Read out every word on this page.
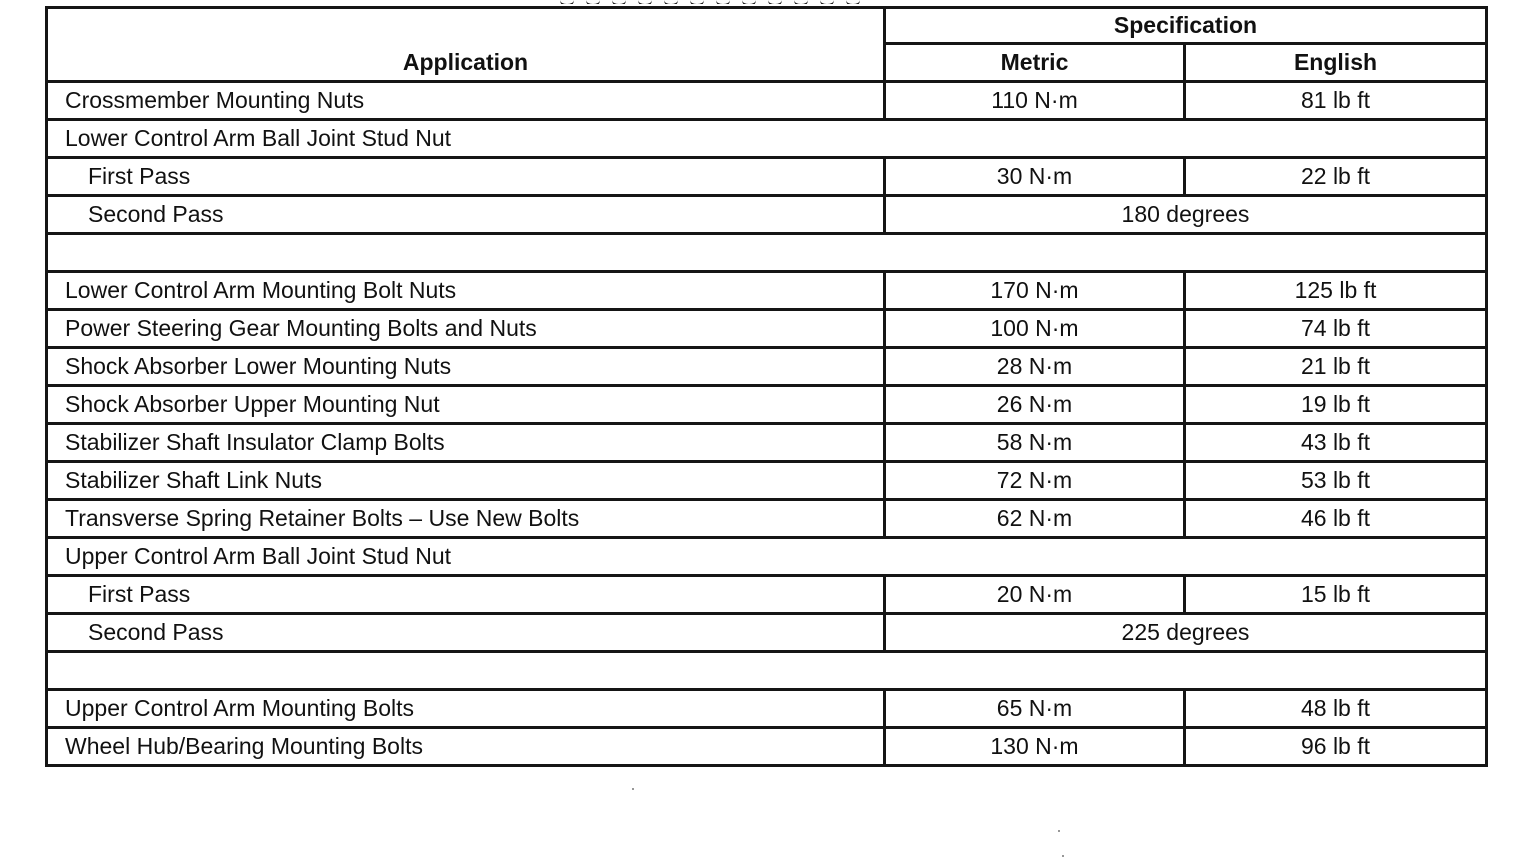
Application	Specification	
	Metric	English
Crossmember Mounting Nuts	110 N·m	81 lb ft
Lower Control Arm Ball Joint Stud Nut		
First Pass	30 N·m	22 lb ft
Second Pass	180 degrees	

Lower Control Arm Mounting Bolt Nuts	170 N·m	125 lb ft
Power Steering Gear Mounting Bolts and Nuts	100 N·m	74 lb ft
Shock Absorber Lower Mounting Nuts	28 N·m	21 lb ft
Shock Absorber Upper Mounting Nut	26 N·m	19 lb ft
Stabilizer Shaft Insulator Clamp Bolts	58 N·m	43 lb ft
Stabilizer Shaft Link Nuts	72 N·m	53 lb ft
Transverse Spring Retainer Bolts – Use New Bolts	62 N·m	46 lb ft
Upper Control Arm Ball Joint Stud Nut		
First Pass	20 N·m	15 lb ft
Second Pass	225 degrees	

Upper Control Arm Mounting Bolts	65 N·m	48 lb ft
Wheel Hub/Bearing Mounting Bolts	130 N·m	96 lb ft
